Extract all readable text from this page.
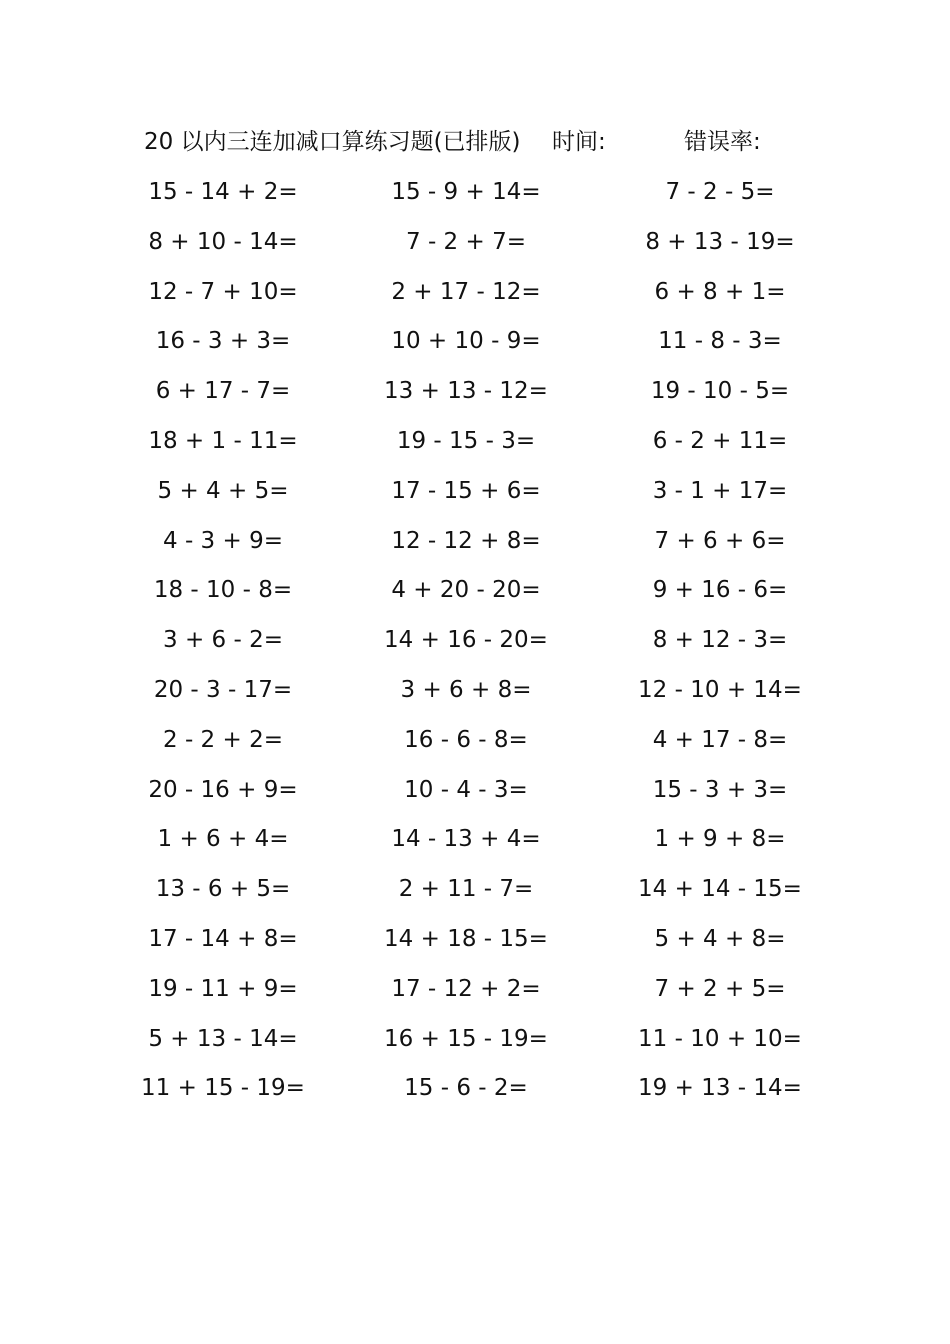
20 以内三连加减口算练习题(已排版) 时间:	错误率:
15 - 14 + 2=	15 - 9 + 14=	7 - 2 - 5=
8 + 10 - 14=	7 - 2 + 7=	8 + 13 - 19=
12 - 7 + 10=	2 + 17 - 12=	6 + 8 + 1=
16 - 3 + 3=	10 + 10 - 9=	11 - 8 - 3=
6 + 17 - 7=	13 + 13 - 12=	19 - 10 - 5=
18 + 1 - 11=	19 - 15 - 3=	6 - 2 + 11=
5 + 4 + 5=	17 - 15 + 6=	3 - 1 + 17=
4 - 3 + 9=	12 - 12 + 8=	7 + 6 + 6=
18 - 10 - 8=	4 + 20 - 20=	9 + 16 - 6=
3 + 6 - 2=	14 + 16 - 20=	8 + 12 - 3=
20 - 3 - 17=	3 + 6 + 8=	12 - 10 + 14=
2 - 2 + 2=	16 - 6 - 8=	4 + 17 - 8=
20 - 16 + 9=	10 - 4 - 3=	15 - 3 + 3=
1 + 6 + 4=	14 - 13 + 4=	1 + 9 + 8=
13 - 6 + 5=	2 + 11 - 7=	14 + 14 - 15=
17 - 14 + 8=	14 + 18 - 15=	5 + 4 + 8=
19 - 11 + 9=	17 - 12 + 2=	7 + 2 + 5=
5 + 13 - 14=	16 + 15 - 19=	11 - 10 + 10=
11 + 15 - 19=	15 - 6 - 2=	19 + 13 - 14=
